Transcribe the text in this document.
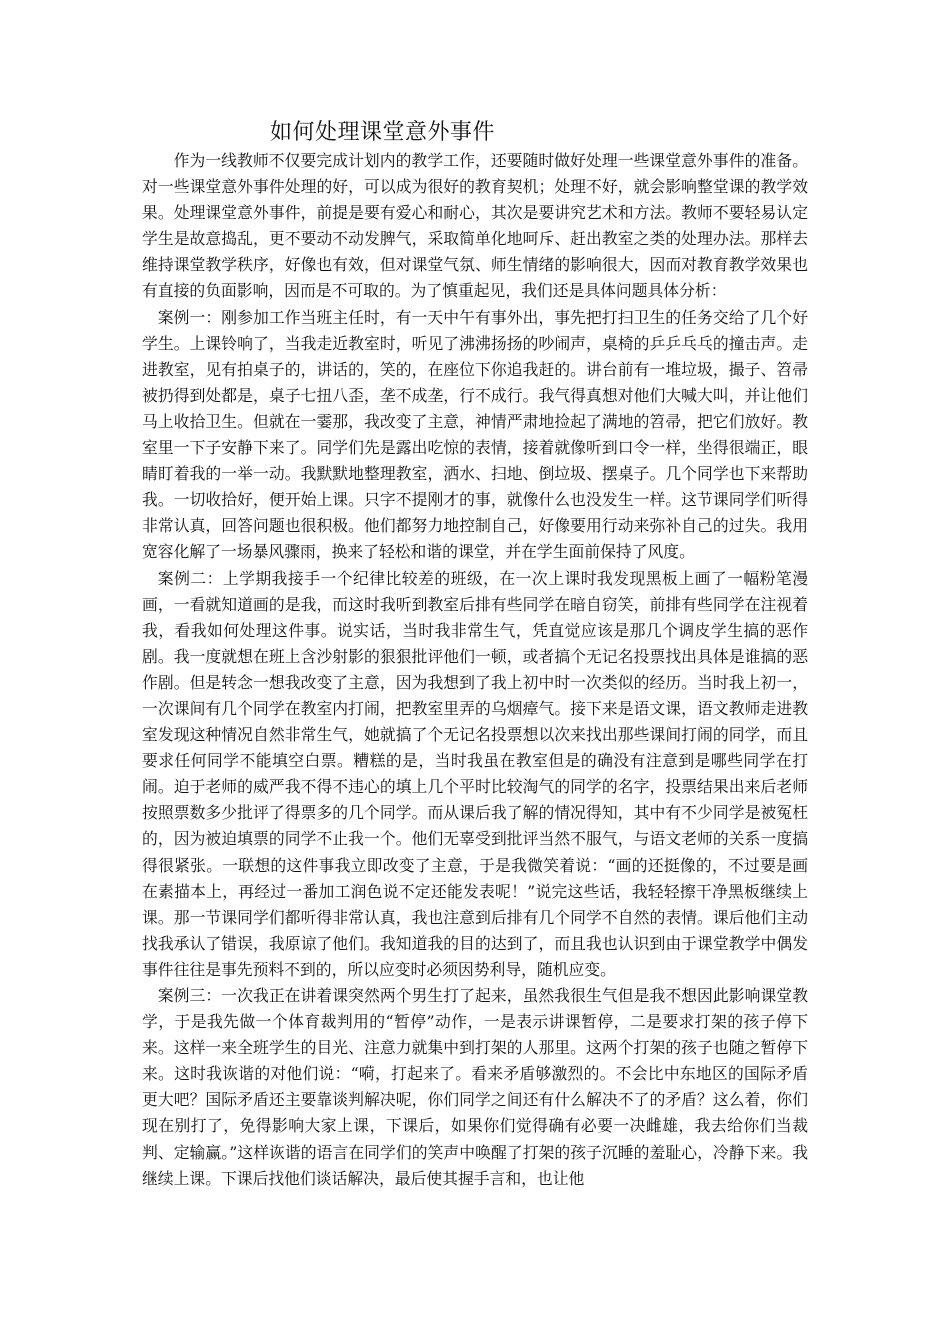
如何处理课堂意外事件

作为一线教师不仅要完成计划内的教学工作，还要随时做好处理一些课堂意外事件的准备。对一些课堂意外事件处理的好，可以成为很好的教育契机；处理不好，就会影响整堂课的教学效果。处理课堂意外事件，前提是要有爱心和耐心，其次是要讲究艺术和方法。教师不要轻易认定学生是故意捣乱，更不要动不动发脾气，采取简单化地呵斥、赶出教室之类的处理办法。那样去维持课堂教学秩序，好像也有效，但对课堂气氛、师生情绪的影响很大，因而对教育教学效果也有直接的负面影响，因而是不可取的。为了慎重起见，我们还是具体问题具体分析：

案例一：刚参加工作当班主任时，有一天中午有事外出，事先把打扫卫生的任务交给了几个好学生。上课铃响了，当我走近教室时，听见了沸沸扬扬的吵闹声，桌椅的乒乒乓乓的撞击声。走进教室，见有拍桌子的，讲话的，笑的，在座位下你追我赶的。讲台前有一堆垃圾，撮子、笤帚被扔得到处都是，桌子七扭八歪，垄不成垄，行不成行。我气得真想对他们大喊大叫，并让他们马上收拾卫生。但就在一霎那，我改变了主意，神情严肃地捡起了满地的笤帚，把它们放好。教室里一下子安静下来了。同学们先是露出吃惊的表情，接着就像听到口令一样，坐得很端正，眼睛盯着我的一举一动。我默默地整理教室，洒水、扫地、倒垃圾、摆桌子。几个同学也下来帮助我。一切收拾好，便开始上课。只字不提刚才的事，就像什么也没发生一样。这节课同学们听得非常认真，回答问题也很积极。他们都努力地控制自己，好像要用行动来弥补自己的过失。我用宽容化解了一场暴风骤雨，换来了轻松和谐的课堂，并在学生面前保持了风度。

案例二：上学期我接手一个纪律比较差的班级，在一次上课时我发现黑板上画了一幅粉笔漫画，一看就知道画的是我，而这时我听到教室后排有些同学在暗自窃笑，前排有些同学在注视着我，看我如何处理这件事。说实话，当时我非常生气，凭直觉应该是那几个调皮学生搞的恶作剧。我一度就想在班上含沙射影的狠狠批评他们一顿，或者搞个无记名投票找出具体是谁搞的恶作剧。但是转念一想我改变了主意，因为我想到了我上初中时一次类似的经历。当时我上初一，一次课间有几个同学在教室内打闹，把教室里弄的乌烟瘴气。接下来是语文课，语文教师走进教室发现这种情况自然非常生气，她就搞了个无记名投票想以次来找出那些课间打闹的同学，而且要求任何同学不能填空白票。糟糕的是，当时我虽在教室但是的确没有注意到是哪些同学在打闹。迫于老师的威严我不得不违心的填上几个平时比较淘气的同学的名字，投票结果出来后老师按照票数多少批评了得票多的几个同学。而从课后我了解的情况得知，其中有不少同学是被冤枉的，因为被迫填票的同学不止我一个。他们无辜受到批评当然不服气，与语文老师的关系一度搞得很紧张。一联想的这件事我立即改变了主意，于是我微笑着说：“画的还挺像的，不过要是画在素描本上，再经过一番加工润色说不定还能发表呢！”说完这些话，我轻轻擦干净黑板继续上课。那一节课同学们都听得非常认真，我也注意到后排有几个同学不自然的表情。课后他们主动找我承认了错误，我原谅了他们。我知道我的目的达到了，而且我也认识到由于课堂教学中偶发事件往往是事先预料不到的，所以应变时必须因势利导，随机应变。

案例三：一次我正在讲着课突然两个男生打了起来，虽然我很生气但是我不想因此影响课堂教学，于是我先做一个体育裁判用的“暂停”动作，一是表示讲课暂停，二是要求打架的孩子停下来。这样一来全班学生的目光、注意力就集中到打架的人那里。这两个打架的孩子也随之暂停下来。这时我诙谐的对他们说：“嗬，打起来了。看来矛盾够激烈的。不会比中东地区的国际矛盾更大吧？国际矛盾还主要靠谈判解决呢，你们同学之间还有什么解决不了的矛盾？这么着，你们现在别打了，免得影响大家上课，下课后，如果你们觉得确有必要一决雌雄，我去给你们当裁判、定输赢。”这样诙谐的语言在同学们的笑声中唤醒了打架的孩子沉睡的羞耻心，冷静下来。我继续上课。下课后找他们谈话解决，最后使其握手言和，也让他
